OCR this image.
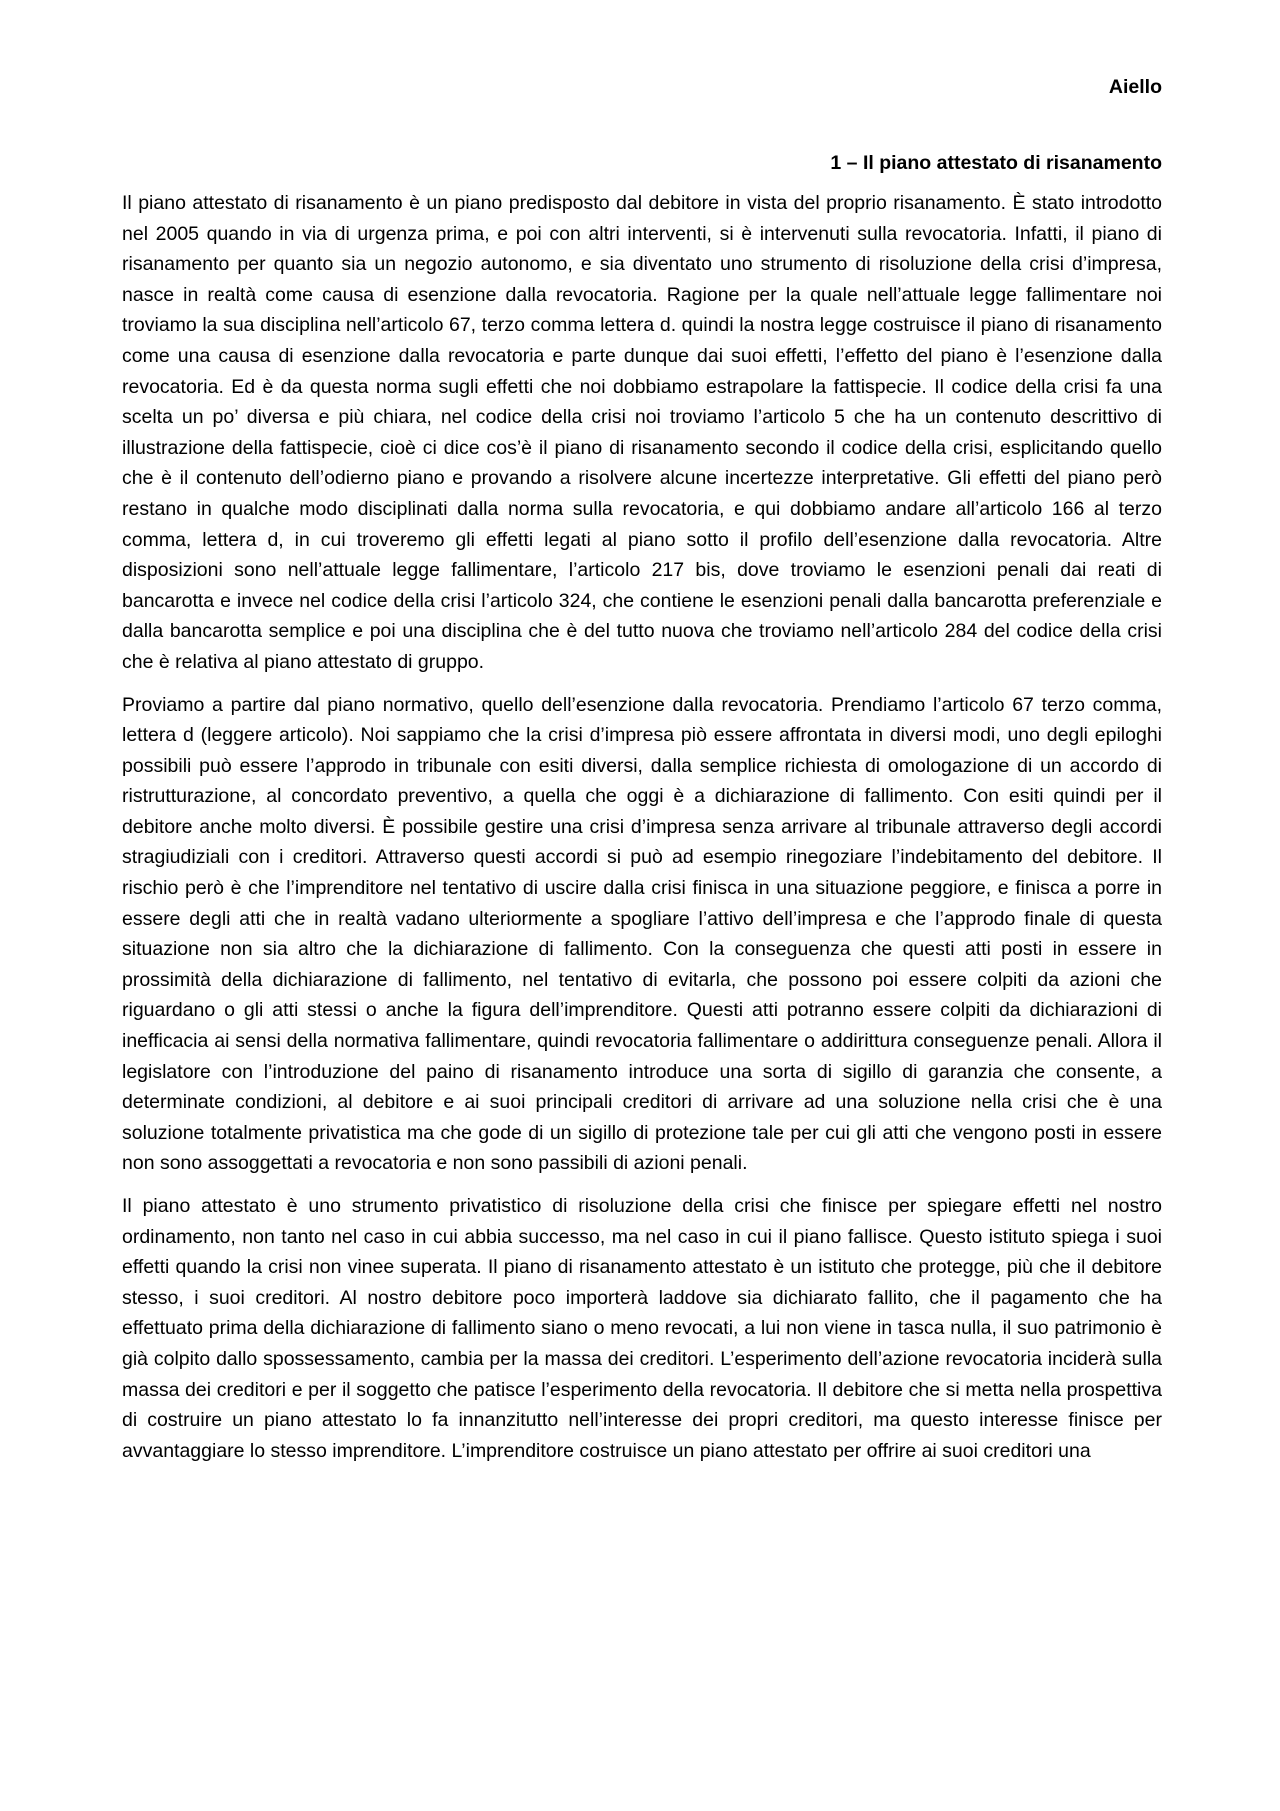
Aiello

1 – Il piano attestato di risanamento

Il piano attestato di risanamento è un piano predisposto dal debitore in vista del proprio risanamento. È stato introdotto nel 2005 quando in via di urgenza prima, e poi con altri interventi, si è intervenuti sulla revocatoria. Infatti, il piano di risanamento per quanto sia un negozio autonomo, e sia diventato uno strumento di risoluzione della crisi d’impresa, nasce in realtà come causa di esenzione dalla revocatoria. Ragione per la quale nell’attuale legge fallimentare noi troviamo la sua disciplina nell’articolo 67, terzo comma lettera d. quindi la nostra legge costruisce il piano di risanamento come una causa di esenzione dalla revocatoria e parte dunque dai suoi effetti, l’effetto del piano è l’esenzione dalla revocatoria. Ed è da questa norma sugli effetti che noi dobbiamo estrapolare la fattispecie. Il codice della crisi fa una scelta un po’ diversa e più chiara, nel codice della crisi noi troviamo l’articolo 5 che ha un contenuto descrittivo di illustrazione della fattispecie, cioè ci dice cos’è il piano di risanamento secondo il codice della crisi, esplicitando quello che è il contenuto dell’odierno piano e provando a risolvere alcune incertezze interpretative. Gli effetti del piano però restano in qualche modo disciplinati dalla norma sulla revocatoria, e qui dobbiamo andare all’articolo 166 al terzo comma, lettera d, in cui troveremo gli effetti legati al piano sotto il profilo dell’esenzione dalla revocatoria. Altre disposizioni sono nell’attuale legge fallimentare, l’articolo 217 bis, dove troviamo le esenzioni penali dai reati di bancarotta e invece nel codice della crisi l’articolo 324, che contiene le esenzioni penali dalla bancarotta preferenziale e dalla bancarotta semplice e poi una disciplina che è del tutto nuova che troviamo nell’articolo 284 del codice della crisi che è relativa al piano attestato di gruppo.

Proviamo a partire dal piano normativo, quello dell’esenzione dalla revocatoria. Prendiamo l’articolo 67 terzo comma, lettera d (leggere articolo). Noi sappiamo che la crisi d’impresa piò essere affrontata in diversi modi, uno degli epiloghi possibili può essere l’approdo in tribunale con esiti diversi, dalla semplice richiesta di omologazione di un accordo di ristrutturazione, al concordato preventivo, a quella che oggi è a dichiarazione di fallimento. Con esiti quindi per il debitore anche molto diversi. È possibile gestire una crisi d’impresa senza arrivare al tribunale attraverso degli accordi stragiudiziali con i creditori. Attraverso questi accordi si può ad esempio rinegoziare l’indebitamento del debitore. Il rischio però è che l’imprenditore nel tentativo di uscire dalla crisi finisca in una situazione peggiore, e finisca a porre in essere degli atti che in realtà vadano ulteriormente a spogliare l’attivo dell’impresa e che l’approdo finale di questa situazione non sia altro che la dichiarazione di fallimento. Con la conseguenza che questi atti posti in essere in prossimità della dichiarazione di fallimento, nel tentativo di evitarla, che possono poi essere colpiti da azioni che riguardano o gli atti stessi o anche la figura dell’imprenditore. Questi atti potranno essere colpiti da dichiarazioni di inefficacia ai sensi della normativa fallimentare, quindi revocatoria fallimentare o addirittura conseguenze penali. Allora il legislatore con l’introduzione del paino di risanamento introduce una sorta di sigillo di garanzia che consente, a determinate condizioni, al debitore e ai suoi principali creditori di arrivare ad una soluzione nella crisi che è una soluzione totalmente privatistica ma che gode di un sigillo di protezione tale per cui gli atti che vengono posti in essere non sono assoggettati a revocatoria e non sono passibili di azioni penali.

Il piano attestato è uno strumento privatistico di risoluzione della crisi che finisce per spiegare effetti nel nostro ordinamento, non tanto nel caso in cui abbia successo, ma nel caso in cui il piano fallisce. Questo istituto spiega i suoi effetti quando la crisi non vinee superata. Il piano di risanamento attestato è un istituto che protegge, più che il debitore stesso, i suoi creditori. Al nostro debitore poco importerà laddove sia dichiarato fallito, che il pagamento che ha effettuato prima della dichiarazione di fallimento siano o meno revocati, a lui non viene in tasca nulla, il suo patrimonio è già colpito dallo spossessamento, cambia per la massa dei creditori. L’esperimento dell’azione revocatoria inciderà sulla massa dei creditori e per il soggetto che patisce l’esperimento della revocatoria. Il debitore che si metta nella prospettiva di costruire un piano attestato lo fa innanzitutto nell’interesse dei propri creditori, ma questo interesse finisce per avvantaggiare lo stesso imprenditore. L’imprenditore costruisce un piano attestato per offrire ai suoi creditori una
